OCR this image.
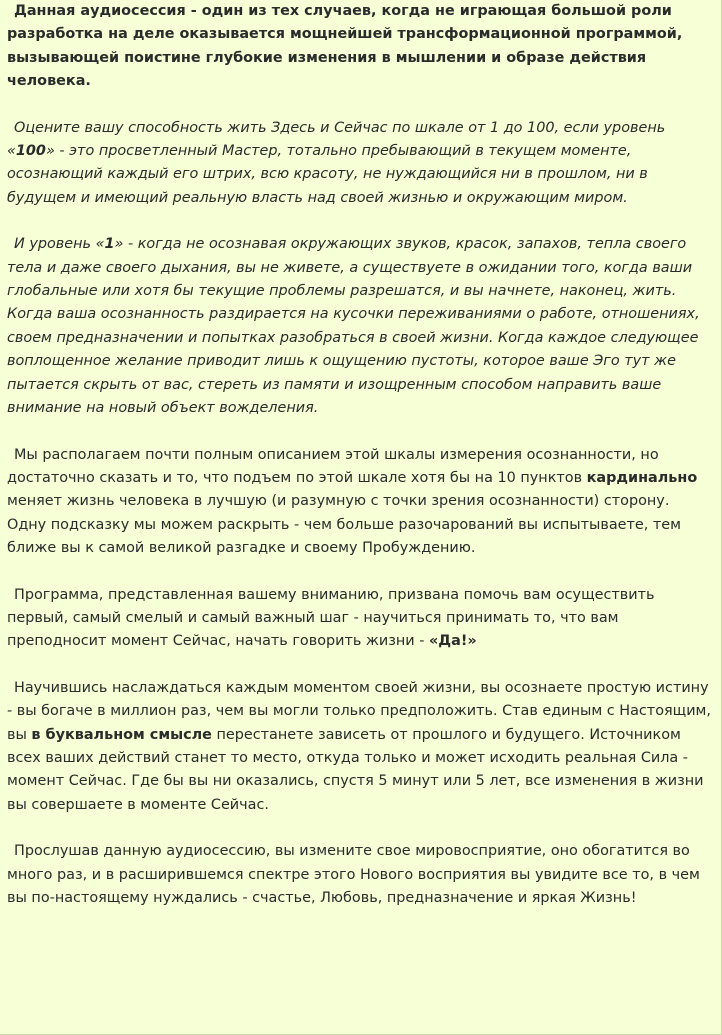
Данная аудиосессия - один из тех случаев, когда не играющая большой роли разработка на деле оказывается мощнейшей трансформационной программой, вызывающей поистине глубокие изменения в мышлении и образе действия человека.

Оцените вашу способность жить Здесь и Сейчас по шкале от 1 до 100, если уровень «100» - это просветленный Мастер, тотально пребывающий в текущем моменте, осознающий каждый его штрих, всю красоту, не нуждающийся ни в прошлом, ни в будущем и имеющий реальную власть над своей жизнью и окружающим миром.

И уровень «1» - когда не осознавая окружающих звуков, красок, запахов, тепла своего тела и даже своего дыхания, вы не живете, а существуете в ожидании того, когда ваши глобальные или хотя бы текущие проблемы разрешатся, и вы начнете, наконец, жить. Когда ваша осознанность раздирается на кусочки переживаниями о работе, отношениях, своем предназначении и попытках разобраться в своей жизни. Когда каждое следующее воплощенное желание приводит лишь к ощущению пустоты, которое ваше Эго тут же пытается скрыть от вас, стереть из памяти и изощренным способом направить ваше внимание на новый объект вожделения.

Мы располагаем почти полным описанием этой шкалы измерения осознанности, но достаточно сказать и то, что подъем по этой шкале хотя бы на 10 пунктов кардинально меняет жизнь человека в лучшую (и разумную с точки зрения осознанности) сторону. Одну подсказку мы можем раскрыть - чем больше разочарований вы испытываете, тем ближе вы к самой великой разгадке и своему Пробуждению.

Программа, представленная вашему вниманию, призвана помочь вам осуществить первый, самый смелый и самый важный шаг - научиться принимать то, что вам преподносит момент Сейчас, начать говорить жизни - «Да!»

Научившись наслаждаться каждым моментом своей жизни, вы осознаете простую истину - вы богаче в миллион раз, чем вы могли только предположить. Став единым с Настоящим, вы в буквальном смысле перестанете зависеть от прошлого и будущего. Источником всех ваших действий станет то место, откуда только и может исходить реальная Сила - момент Сейчас. Где бы вы ни оказались, спустя 5 минут или 5 лет, все изменения в жизни вы совершаете в моменте Сейчас.

Прослушав данную аудиосессию, вы измените свое мировосприятие, оно обогатится во много раз, и в расширившемся спектре этого Нового восприятия вы увидите все то, в чем вы по-настоящему нуждались - счастье, Любовь, предназначение и яркая Жизнь!
